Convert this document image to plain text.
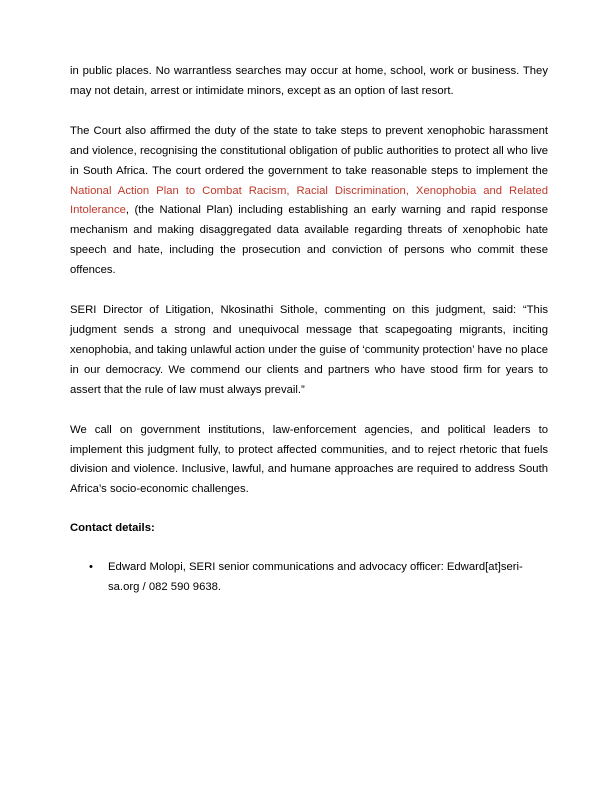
in public places. No warrantless searches may occur at home, school, work or business. They may not detain, arrest or intimidate minors, except as an option of last resort.

The Court also affirmed the duty of the state to take steps to prevent xenophobic harassment and violence, recognising the constitutional obligation of public authorities to protect all who live in South Africa. The court ordered the government to take reasonable steps to implement the National Action Plan to Combat Racism, Racial Discrimination, Xenophobia and Related Intolerance, (the National Plan) including establishing an early warning and rapid response mechanism and making disaggregated data available regarding threats of xenophobic hate speech and hate, including the prosecution and conviction of persons who commit these offences.

SERI Director of Litigation, Nkosinathi Sithole, commenting on this judgment, said: “This judgment sends a strong and unequivocal message that scapegoating migrants, inciting xenophobia, and taking unlawful action under the guise of ‘community protection’ have no place in our democracy. We commend our clients and partners who have stood firm for years to assert that the rule of law must always prevail.”

We call on government institutions, law-enforcement agencies, and political leaders to implement this judgment fully, to protect affected communities, and to reject rhetoric that fuels division and violence. Inclusive, lawful, and humane approaches are required to address South Africa’s socio-economic challenges.

Contact details:

• Edward Molopi, SERI senior communications and advocacy officer: Edward[at]seri-sa.org / 082 590 9638.
